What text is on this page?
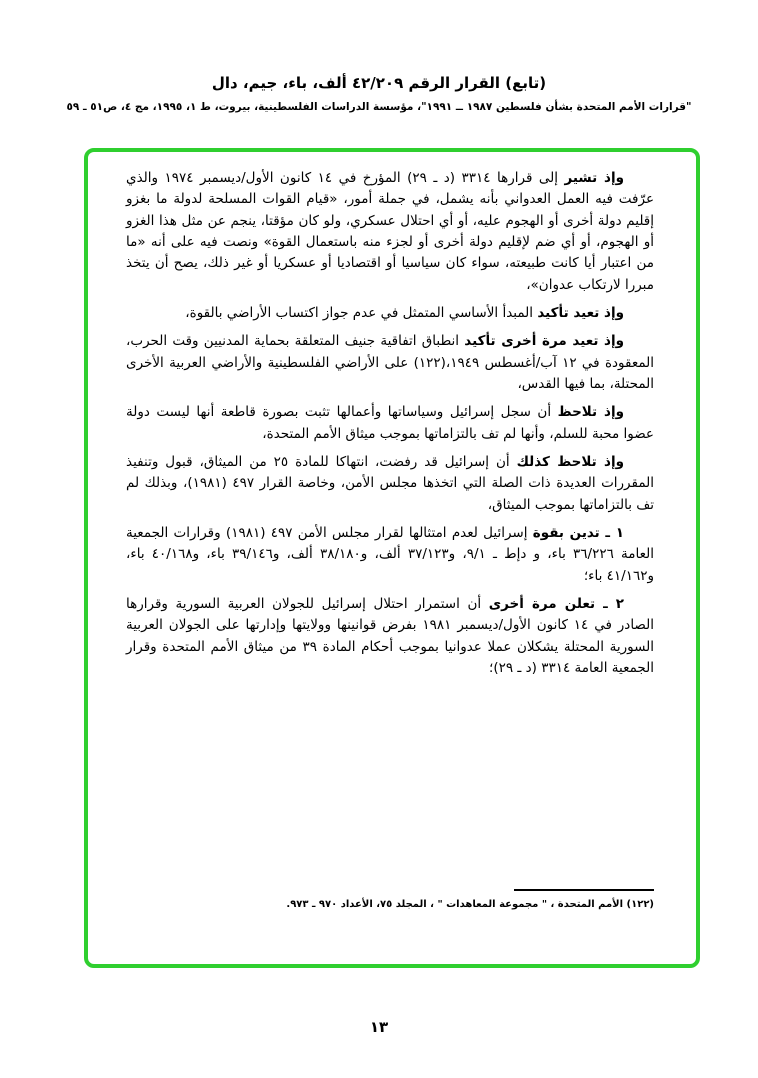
(تابع) القرار الرقم ٤٢/٢٠٩ ألف، باء، جيم، دال
"قرارات الأمم المتحدة بشأن فلسطين ١٩٨٧ ــ ١٩٩١"، مؤسسة الدراسات الفلسطينية، بيروت، ط ١، ١٩٩٥، مج ٤، ص٥١ ـ ٥٩

وإذ تشير إلى قرارها ٣٣١٤ (د ـ ٢٩) المؤرخ في ١٤ كانون الأول/ديسمبر ١٩٧٤ والذي عرّفت فيه العمل العدواني بأنه يشمل، في جملة أمور، «قيام القوات المسلحة لدولة ما بغزو إقليم دولة أخرى أو الهجوم عليه، أو أي احتلال عسكري، ولو كان مؤقتا، ينجم عن مثل هذا الغزو أو الهجوم، أو أي ضم لإقليم دولة أخرى أو لجزء منه باستعمال القوة» ونصت فيه على أنه «ما من اعتبار أيا كانت طبيعته، سواء كان سياسيا أو اقتصاديا أو عسكريا أو غير ذلك، يصح أن يتخذ مبررا لارتكاب عدوان»،

وإذ تعيد تأكيد المبدأ الأساسي المتمثل في عدم جواز اكتساب الأراضي بالقوة،

وإذ تعيد مرة أخرى تأكيد انطباق اتفاقية جنيف المتعلقة بحماية المدنيين وقت الحرب، المعقودة في ١٢ آب/أغسطس ١٩٤٩،(١٢٢) على الأراضي الفلسطينية والأراضي العربية الأخرى المحتلة، بما فيها القدس،

وإذ تلاحظ أن سجل إسرائيل وسياساتها وأعمالها تثبت بصورة قاطعة أنها ليست دولة عضوا محبة للسلم، وأنها لم تف بالتزاماتها بموجب ميثاق الأمم المتحدة،

وإذ تلاحظ كذلك أن إسرائيل قد رفضت، انتهاكا للمادة ٢٥ من الميثاق، قبول وتنفيذ المقررات العديدة ذات الصلة التي اتخذها مجلس الأمن، وخاصة القرار ٤٩٧ (١٩٨١)، وبذلك لم تف بالتزاماتها بموجب الميثاق،

١ ـ تدين بقوة إسرائيل لعدم امتثالها لقرار مجلس الأمن ٤٩٧ (١٩٨١) وقرارات الجمعية العامة ٣٦/٢٢٦ باء، و دإط ـ ٩/١، و٣٧/١٢٣ ألف، و٣٨/١٨٠ ألف، و٣٩/١٤٦ باء، و٤٠/١٦٨ باء، و٤١/١٦٢ باء؛

٢ ـ تعلن مرة أخرى أن استمرار احتلال إسرائيل للجولان العربية السورية وقرارها الصادر في ١٤ كانون الأول/ديسمبر ١٩٨١ بفرض قوانينها وولايتها وإدارتها على الجولان العربية السورية المحتلة يشكلان عملا عدوانيا بموجب أحكام المادة ٣٩ من ميثاق الأمم المتحدة وقرار الجمعية العامة ٣٣١٤ (د ـ ٢٩)؛

(١٢٢) الأمم المتحدة ، " مجموعة المعاهدات " ، المجلد ٧٥، الأعداد ٩٧٠ ـ ٩٧٣.
١٣
